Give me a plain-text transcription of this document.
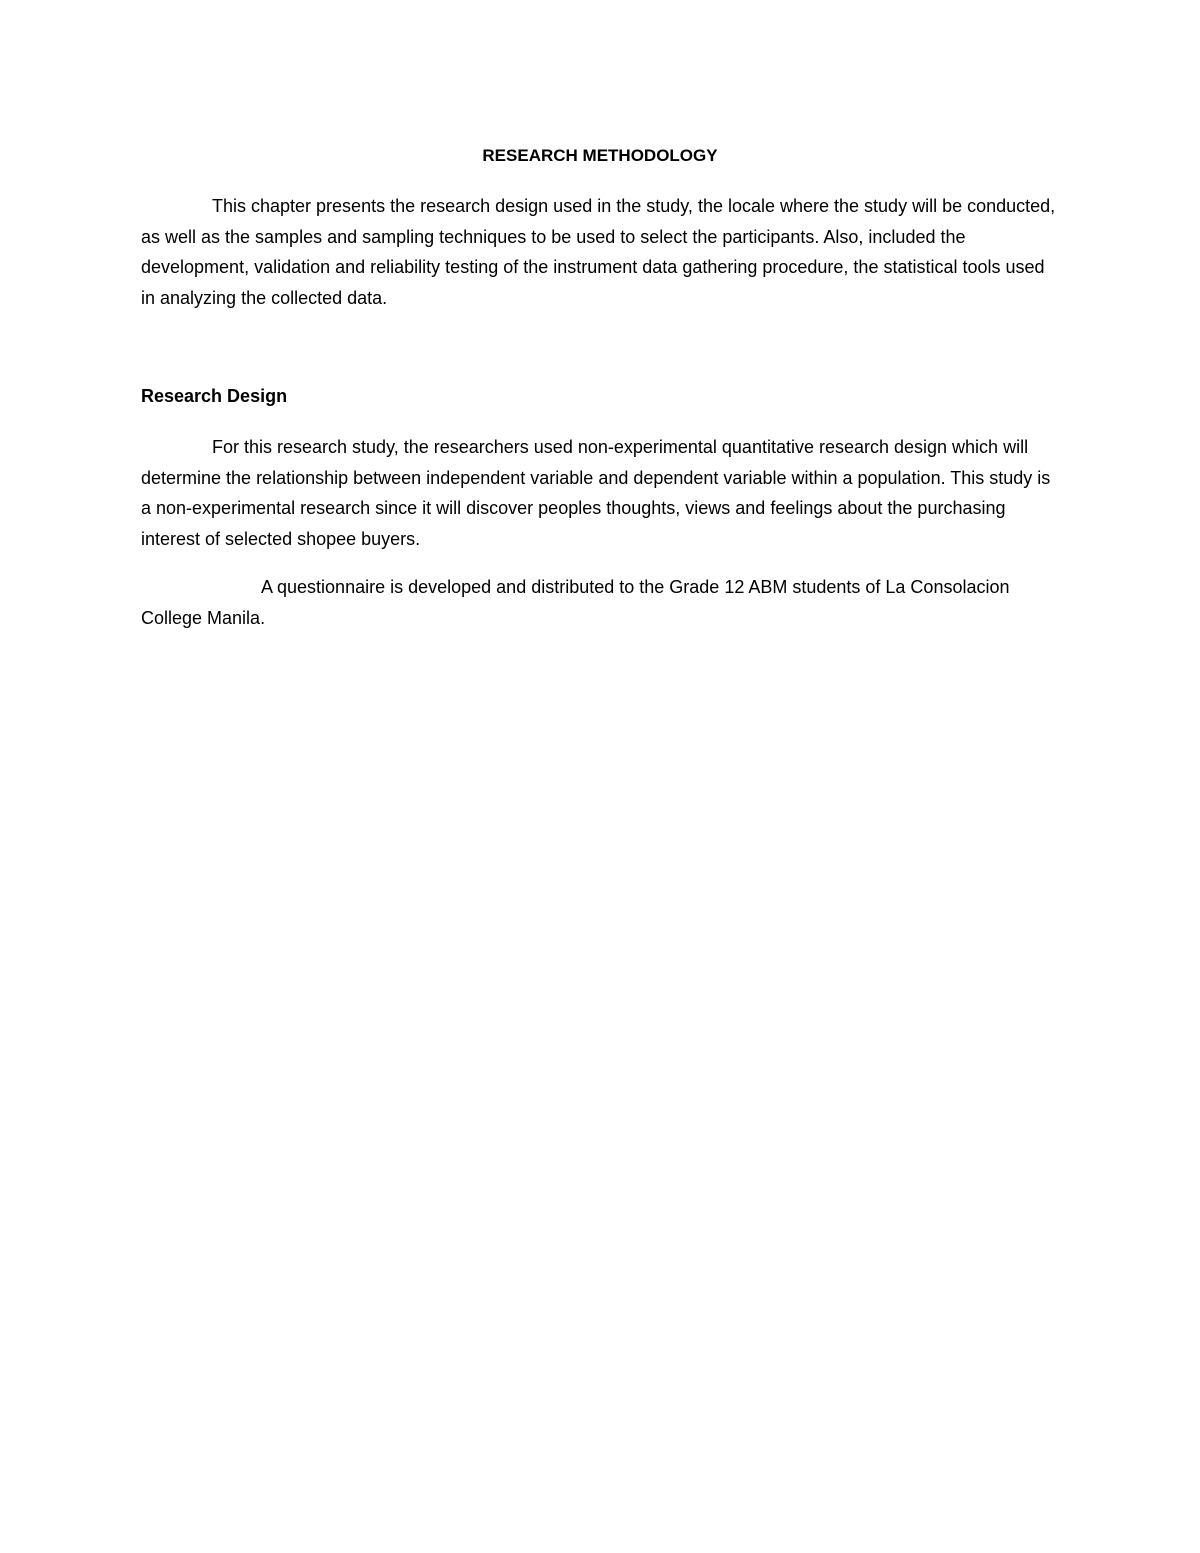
RESEARCH METHODOLOGY

This chapter presents the research design used in the study, the locale where the study will be conducted, as well as the samples and sampling techniques to be used to select the participants. Also, included the development, validation and reliability testing of the instrument data gathering procedure, the statistical tools used in analyzing the collected data.

Research Design

For this research study, the researchers used non-experimental quantitative research design which will determine the relationship between independent variable and dependent variable within a population. This study is a non-experimental research since it will discover peoples thoughts, views and feelings about the purchasing interest of selected shopee buyers.

A questionnaire is developed and distributed to the Grade 12 ABM students of La Consolacion College Manila.
